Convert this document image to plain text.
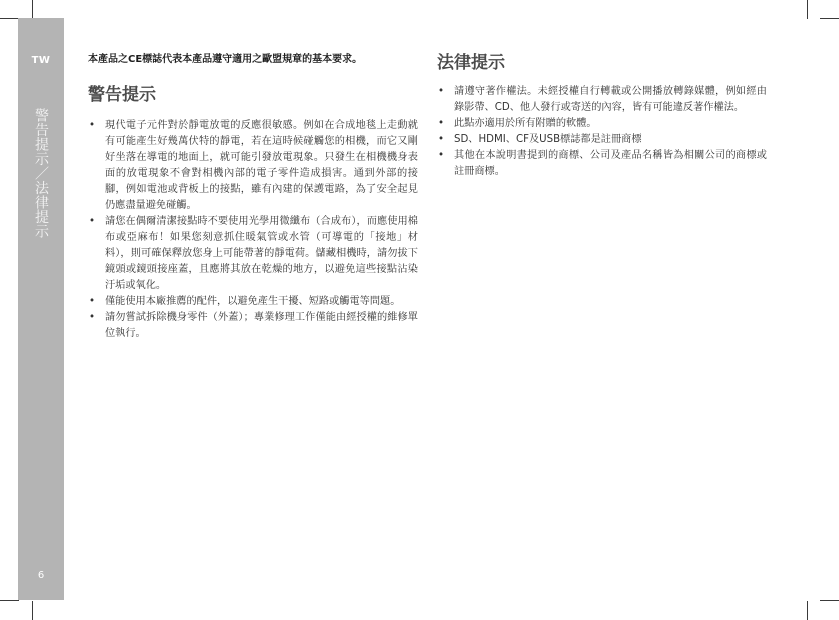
TW
警告提示／法律提示
6

本產品之CE標誌代表本產品遵守適用之歐盟規章的基本要求。

警告提示
• 現代電子元件對於靜電放電的反應很敏感。例如在合成地毯上走動就有可能產生好幾萬伏特的靜電，若在這時候碰觸您的相機，而它又剛好坐落在導電的地面上，就可能引發放電現象。只發生在相機機身表面的放電現象不會對相機內部的電子零件造成損害。通到外部的接腳，例如電池或背板上的接點，雖有內建的保護電路，為了安全起見仍應盡量避免碰觸。
• 請您在偶爾清潔接點時不要使用光學用微纖布（合成布），而應使用棉布或亞麻布！如果您刻意抓住暖氣管或水管（可導電的「接地」材料），則可確保釋放您身上可能帶著的靜電荷。儲藏相機時，請勿拔下鏡頭或鏡頭接座蓋，且應將其放在乾燥的地方，以避免這些接點沾染汙垢或氧化。
• 僅能使用本廠推薦的配件，以避免產生干擾、短路或觸電等問題。
• 請勿嘗試拆除機身零件（外蓋）；專業修理工作僅能由經授權的維修單位執行。
法律提示
• 請遵守著作權法。未經授權自行轉載或公開播放轉錄媒體，例如經由錄影帶、CD、他人發行或寄送的內容，皆有可能違反著作權法。
• 此點亦適用於所有附贈的軟體。
• SD、HDMI、CF及USB標誌都是註冊商標
• 其他在本說明書提到的商標、公司及產品名稱皆為相關公司的商標或註冊商標。
